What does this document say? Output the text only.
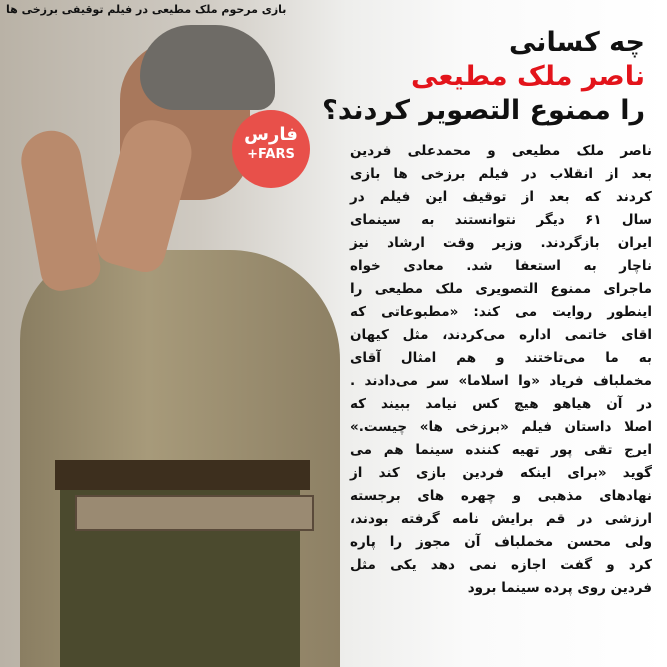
بازی مرحوم ملک مطیعی در فیلم توقیفی برزخی ها
فارس
+FARS
چه کسانی
ناصر ملک مطیعی
را ممنوع التصویر کردند؟
ناصر ملک مطیعی و محمدعلی فردین
بعد از انقلاب در فیلم برزخی ها بازی
کردند که بعد از توقیف این فیلم در
سال ۶۱ دیگر نتوانستند به سینمای
ایران بازگردند. وزیر وقت ارشاد نیز
ناچار به استعفا شد. معادی خواه
ماجرای ممنوع التصویری ملک مطیعی را
اینطور روایت می کند: «مطبوعاتی که
اقای خاتمی اداره می‌کردند، مثل کیهان
به ما می‌تاختند و هم امثال آقای
مخملباف فریاد «وا اسلاما» سر می‌دادند .
در آن هیاهو هیچ کس نیامد ببیند که
اصلا داستان فیلم «برزخی ها» چیست.»
ایرج تقی پور تهیه کننده سینما هم می
گوید «برای اینکه فردین بازی کند از
نهادهای مذهبی و چهره های برجسته
ارزشی در قم برایش نامه گرفته بودند،
ولی محسن مخملباف آن مجوز را پاره
کرد و گفت اجازه نمی دهد یکی مثل
فردین روی پرده سینما برود
